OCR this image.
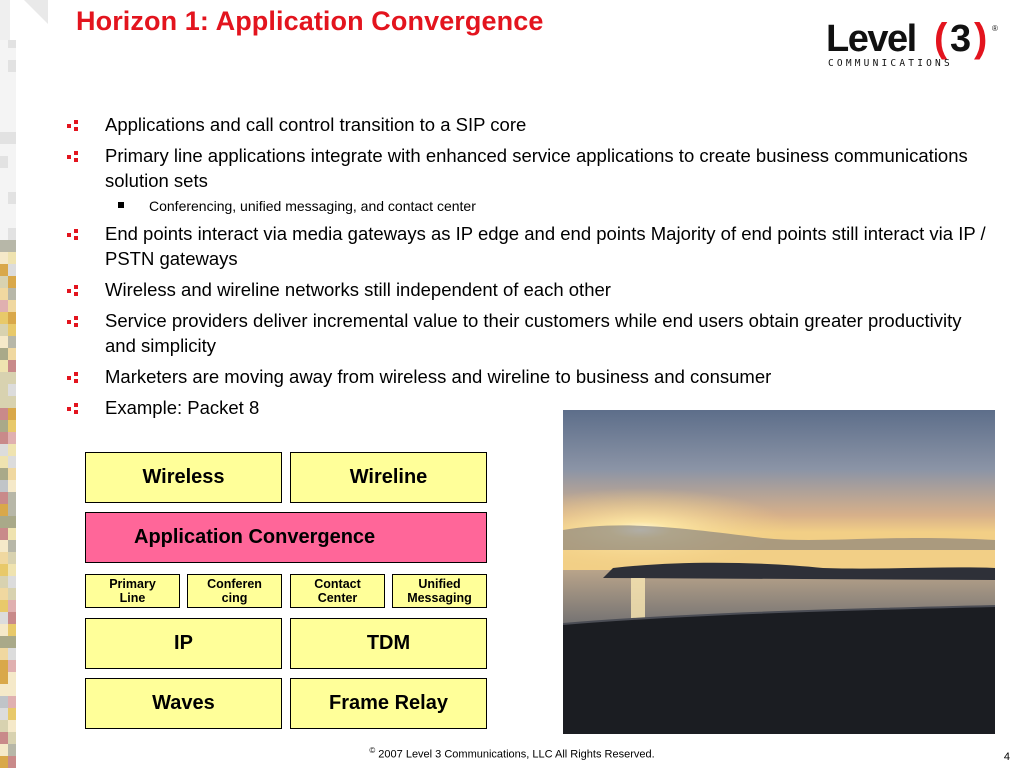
Horizon 1: Application Convergence	Level ( 3 ) ®
COMMUNICATIONS
Applications and call control transition to a SIP core
Primary line applications integrate with enhanced service applications to create business communications solution sets
Conferencing, unified messaging, and contact center
End points interact via media gateways as IP edge and end points Majority of end points still interact via IP / PSTN gateways
Wireless and wireline networks still independent of each other
Service providers deliver incremental value to their customers while end users obtain greater productivity and simplicity
Marketers are moving away from wireless and wireline to business and consumer
Example: Packet 8
Wireless	Wireline
Application Convergence
Primary
Line
Conferen
cing
Contact
Center
Unified
Messaging
IP	TDM
Waves	Frame Relay
© 2007 Level 3 Communications, LLC All Rights Reserved.	4
